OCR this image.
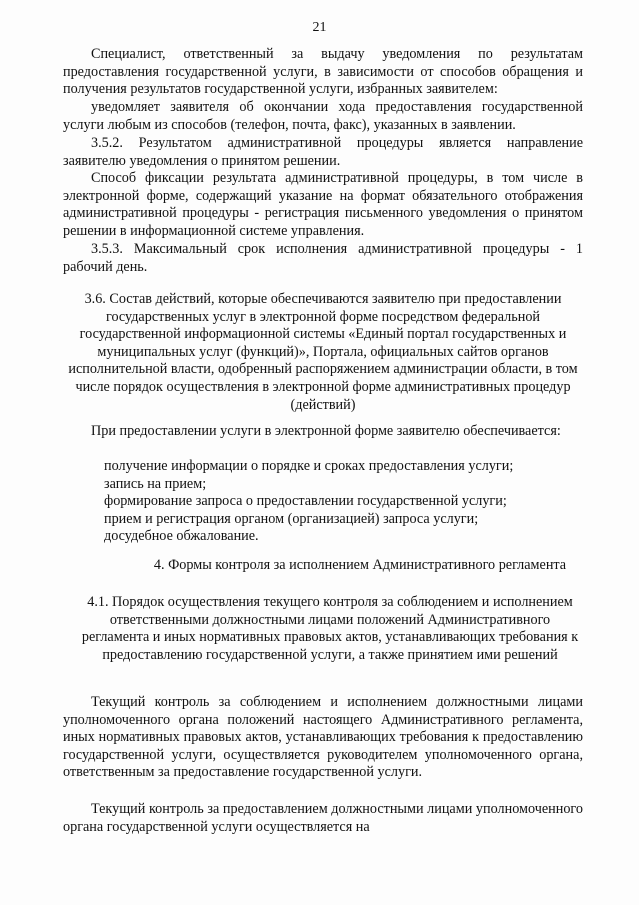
21

Специалист, ответственный за выдачу уведомления по результатам предоставления государственной услуги, в зависимости от способов обращения и получения результатов государственной услуги, избранных заявителем:

уведомляет заявителя об окончании хода предоставления государственной услуги любым из способов (телефон, почта, факс), указанных в заявлении.

3.5.2. Результатом административной процедуры является направление заявителю уведомления о принятом решении.

Способ фиксации результата административной процедуры, в том числе в электронной форме, содержащий указание на формат обязательного отображения административной процедуры - регистрация письменного уведомления о принятом решении в информационной системе управления.

3.5.3. Максимальный срок исполнения административной процедуры - 1 рабочий день.

3.6. Состав действий, которые обеспечиваются заявителю при предоставлении государственных услуг в электронной форме посредством федеральной государственной информационной системы «Единый портал государственных и муниципальных услуг (функций)», Портала, официальных сайтов органов исполнительной власти, одобренный распоряжением администрации области, в том числе порядок осуществления в электронной форме административных процедур (действий)

При предоставлении услуги в электронной форме заявителю обеспечивается:

получение информации о порядке и сроках предоставления услуги;
запись на прием;
формирование запроса о предоставлении государственной услуги;
прием и регистрация органом (организацией) запроса услуги;
досудебное обжалование.

4. Формы контроля за исполнением Административного регламента

4.1. Порядок осуществления текущего контроля за соблюдением и исполнением ответственными должностными лицами положений Административного регламента и иных нормативных правовых актов, устанавливающих требования к предоставлению государственной услуги, а также принятием ими решений

Текущий контроль за соблюдением и исполнением должностными лицами уполномоченного органа положений настоящего Административного регламента, иных нормативных правовых актов, устанавливающих требования к предоставлению государственной услуги, осуществляется руководителем уполномоченного органа, ответственным за предоставление государственной услуги.

Текущий контроль за предоставлением должностными лицами уполномоченного органа государственной услуги осуществляется на
